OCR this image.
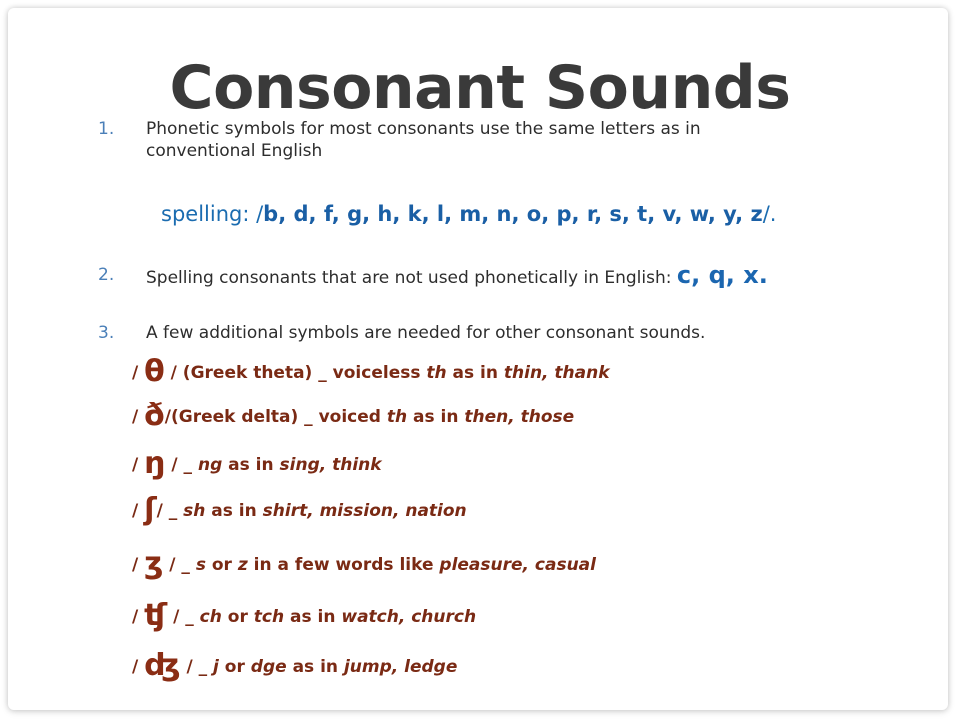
Consonant Sounds
1.	Phonetic symbols for most consonants use the same letters as in
conventional English
spelling: /b, d, f, g, h, k, l, m, n, o, p, r, s, t, v, w, y, z/.
2.	Spelling consonants that are not used phonetically in English: c, q, x.
3.	A few additional symbols are needed for other consonant sounds.
/ θ / (Greek theta) _ voiceless th as in thin, thank
/ ð/(Greek delta) _ voiced th as in then, those
/ ŋ / _ ng as in sing, think
/ ʃ/ _ sh as in shirt, mission, nation
/ ʒ / _ s or z in a few words like pleasure, casual
/ ʧ / _ ch or tch as in watch, church
/ ʤ / _ j or dge as in jump, ledge
